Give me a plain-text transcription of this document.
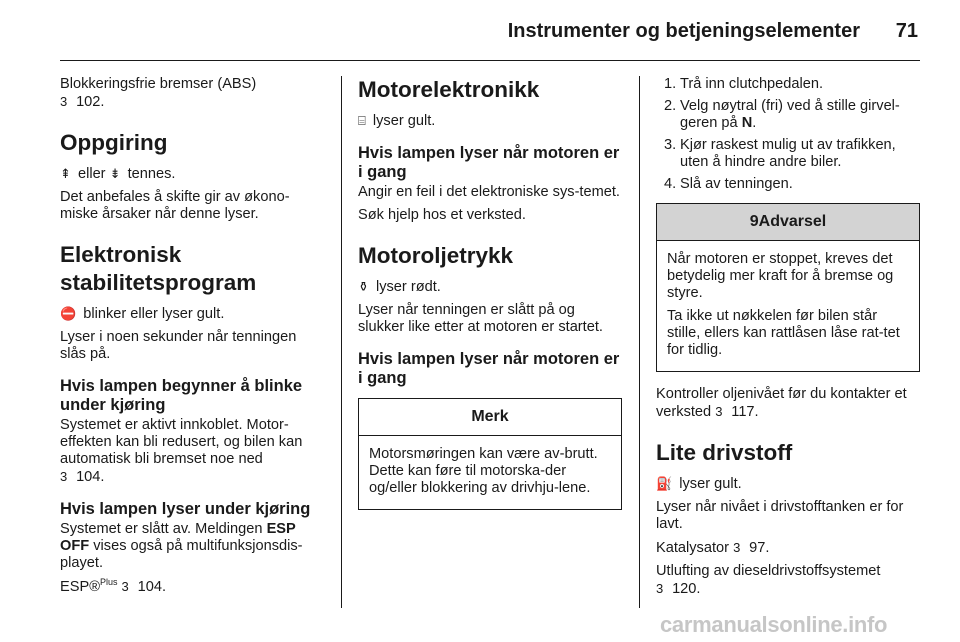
Instrumenter og betjeningselementer	71

Blokkeringsfrie bremser (ABS)
3 102.

Oppgiring

⇞ eller ⇟ tennes.

Det anbefales å skifte gir av økono-miske årsaker når denne lyser.

Elektronisk stabilitetsprogram

⛔ blinker eller lyser gult.

Lyser i noen sekunder når tenningen slås på.

Hvis lampen begynner å blinke under kjøring

Systemet er aktivt innkoblet. Motor-effekten kan bli redusert, og bilen kan automatisk bli bremset noe ned
3 104.

Hvis lampen lyser under kjøring

Systemet er slått av. Meldingen ESP OFF vises også på multifunksjonsdis-playet.

ESP®$^{Plus}$ 3 104.

Motorelektronikk

⌸ lyser gult.

Hvis lampen lyser når motoren er i gang

Angir en feil i det elektroniske sys-temet.

Søk hjelp hos et verksted.

Motoroljetrykk

⚱ lyser rødt.

Lyser når tenningen er slått på og slukker like etter at motoren er startet.

Hvis lampen lyser når motoren er i gang
Merk

Motorsmøringen kan være av-brutt. Dette kan føre til motorska-der og/eller blokkering av drivhju-lene.

1. Trå inn clutchpedalen.
2. Velg nøytral (fri) ved å stille girvel-geren på N.
3. Kjør raskest mulig ut av trafikken, uten å hindre andre biler.
4. Slå av tenningen.
9Advarsel

Når motoren er stoppet, kreves det betydelig mer kraft for å bremse og styre.

Ta ikke ut nøkkelen før bilen står stille, ellers kan rattlåsen låse rat-tet for tidlig.

Kontroller oljenivået før du kontakter et verksted 3 117.

Lite drivstoff

⛽ lyser gult.

Lyser når nivået i drivstofftanken er for lavt.

Katalysator 3 97.

Utlufting av dieseldrivstoffsystemet
3 120.

carmanualsonline.info
